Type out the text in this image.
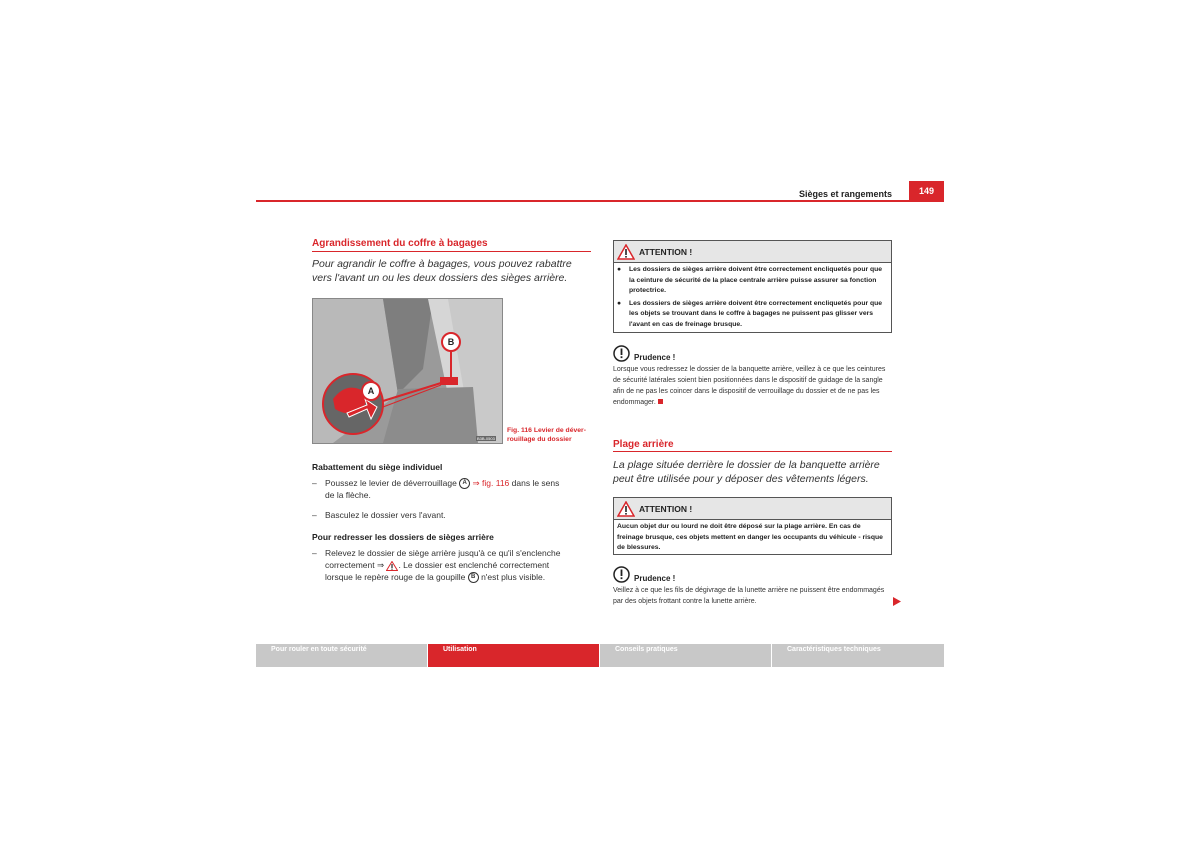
Sièges et rangements	149
Agrandissement du coffre à bagages
Pour agrandir le coffre à bagages, vous pouvez rabattre vers l'avant un ou les deux dossiers des sièges arrière.
A
B
B3B-0503
Fig. 116 Levier de déver-
rouillage du dossier
Rabattement du siège individuel
– Poussez le levier de déverrouillage A ⇒ fig. 116 dans le sens
de la flèche.
– Basculez le dossier vers l'avant.
Pour redresser les dossiers de sièges arrière
– Relevez le dossier de siège arrière jusqu'à ce qu'il s'enclenche
correctement ⇒ . Le dossier est enclenché correctement
lorsque le repère rouge de la goupille B n'est plus visible.
ATTENTION !
●	Les dossiers de sièges arrière doivent être correctement encliquetés pour que la ceinture de sécurité de la place centrale arrière puisse assurer sa fonction protectrice.
●	Les dossiers de sièges arrière doivent être correctement encliquetés pour que les objets se trouvant dans le coffre à bagages ne puissent pas glisser vers l'avant en cas de freinage brusque.
Prudence !
Lorsque vous redressez le dossier de la banquette arrière, veillez à ce que les ceintures de sécurité latérales soient bien positionnées dans le dispositif de guidage de la sangle afin de ne pas les coincer dans le dispositif de verrouillage du dossier et de ne pas les endommager.
Plage arrière
La plage située derrière le dossier de la banquette arrière peut être utilisée pour y déposer des vêtements légers.
ATTENTION !
Aucun objet dur ou lourd ne doit être déposé sur la plage arrière. En cas de freinage brusque, ces objets mettent en danger les occupants du véhicule - risque de blessures.
Prudence !
Veillez à ce que les fils de dégivrage de la lunette arrière ne puissent être endommagés par des objets frottant contre la lunette arrière.
Pour rouler en toute sécurité	Utilisation	Conseils pratiques	Caractéristiques techniques
